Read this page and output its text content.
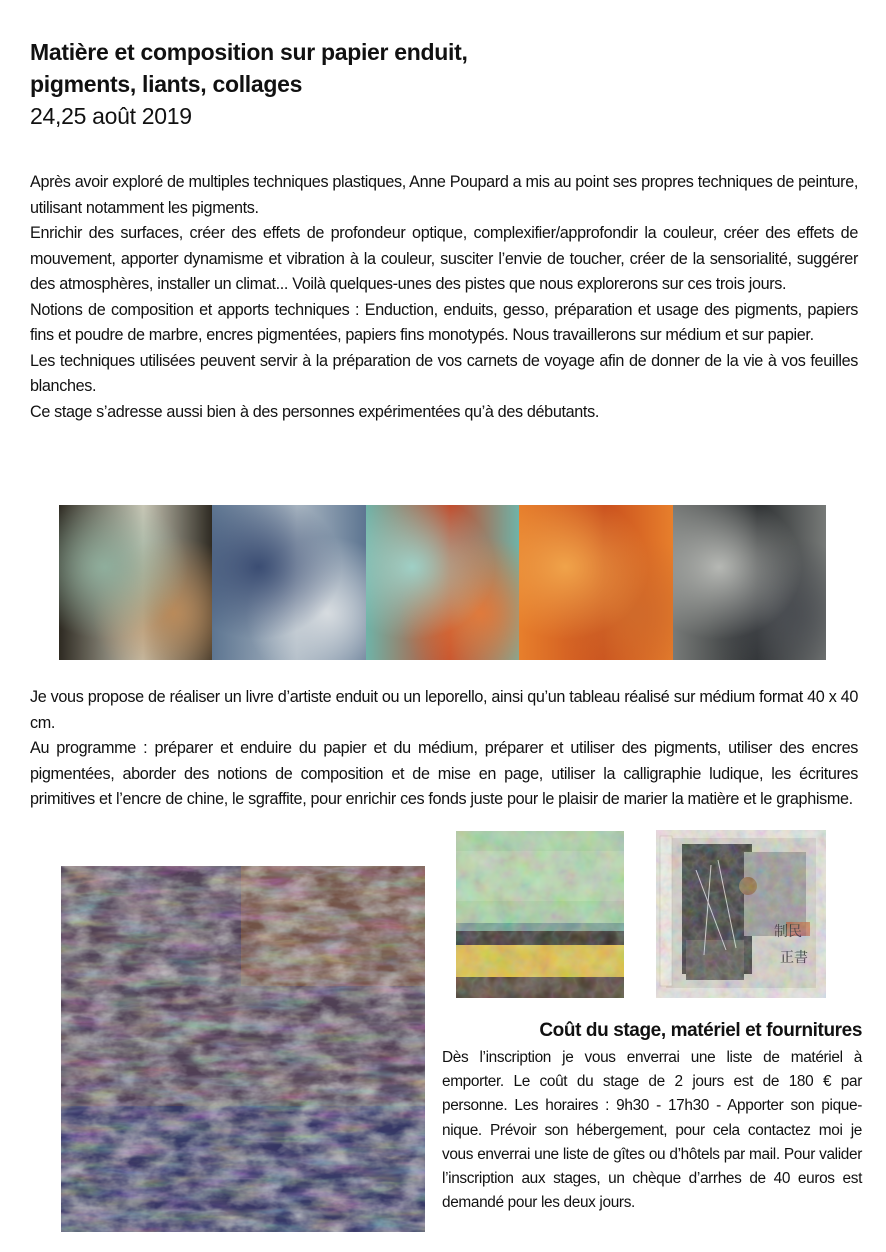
Matière et composition sur papier enduit,
pigments, liants, collages
24,25 août 2019

Après avoir exploré de multiples techniques plastiques, Anne Poupard a mis au point ses propres techniques de peinture, utilisant notamment les pigments.

Enrichir des surfaces, créer des effets de profondeur optique, complexifier/approfondir la couleur, créer des effets de mouvement, apporter dynamisme et vibration à la couleur, susciter l’envie de toucher, créer de la sensorialité, suggérer des atmosphères, installer un climat... Voilà quelques-unes des pistes que nous explorerons sur ces trois jours.

Notions de composition et apports techniques : Enduction, enduits, gesso, préparation et usage des pigments, papiers fins et poudre de marbre, encres pigmentées, papiers fins monotypés. Nous travaillerons sur médium et sur papier.

Les techniques utilisées peuvent servir à la préparation de vos carnets de voyage afin de donner de la vie à vos feuilles blanches.

Ce stage s’adresse aussi bien à des personnes expérimentées qu’à des débutants.

Je vous propose de réaliser un livre d’artiste enduit ou un leporello, ainsi qu’un tableau réalisé sur médium format 40 x 40 cm.

Au programme : préparer et enduire du papier et du médium, préparer et utiliser des pigments, utiliser des encres pigmentées, aborder des notions de composition et de mise en page, utiliser la calligraphie ludique, les écritures primitives et l’encre de chine, le sgraffite, pour enrichir ces fonds juste pour le plaisir de marier la matière et le graphisme.

Coût du stage, matériel et fournitures
Dès l’inscription je vous enverrai une liste de matériel à emporter. Le coût du stage de 2 jours est de 180 € par personne. Les horaires : 9h30 - 17h30 - Apporter son pique-nique. Prévoir son hébergement, pour cela contactez moi je vous enverrai une liste de gîtes ou d’hôtels par mail. Pour valider l’inscription aux stages, un chèque d’arrhes de 40 euros est demandé pour les deux jours.
